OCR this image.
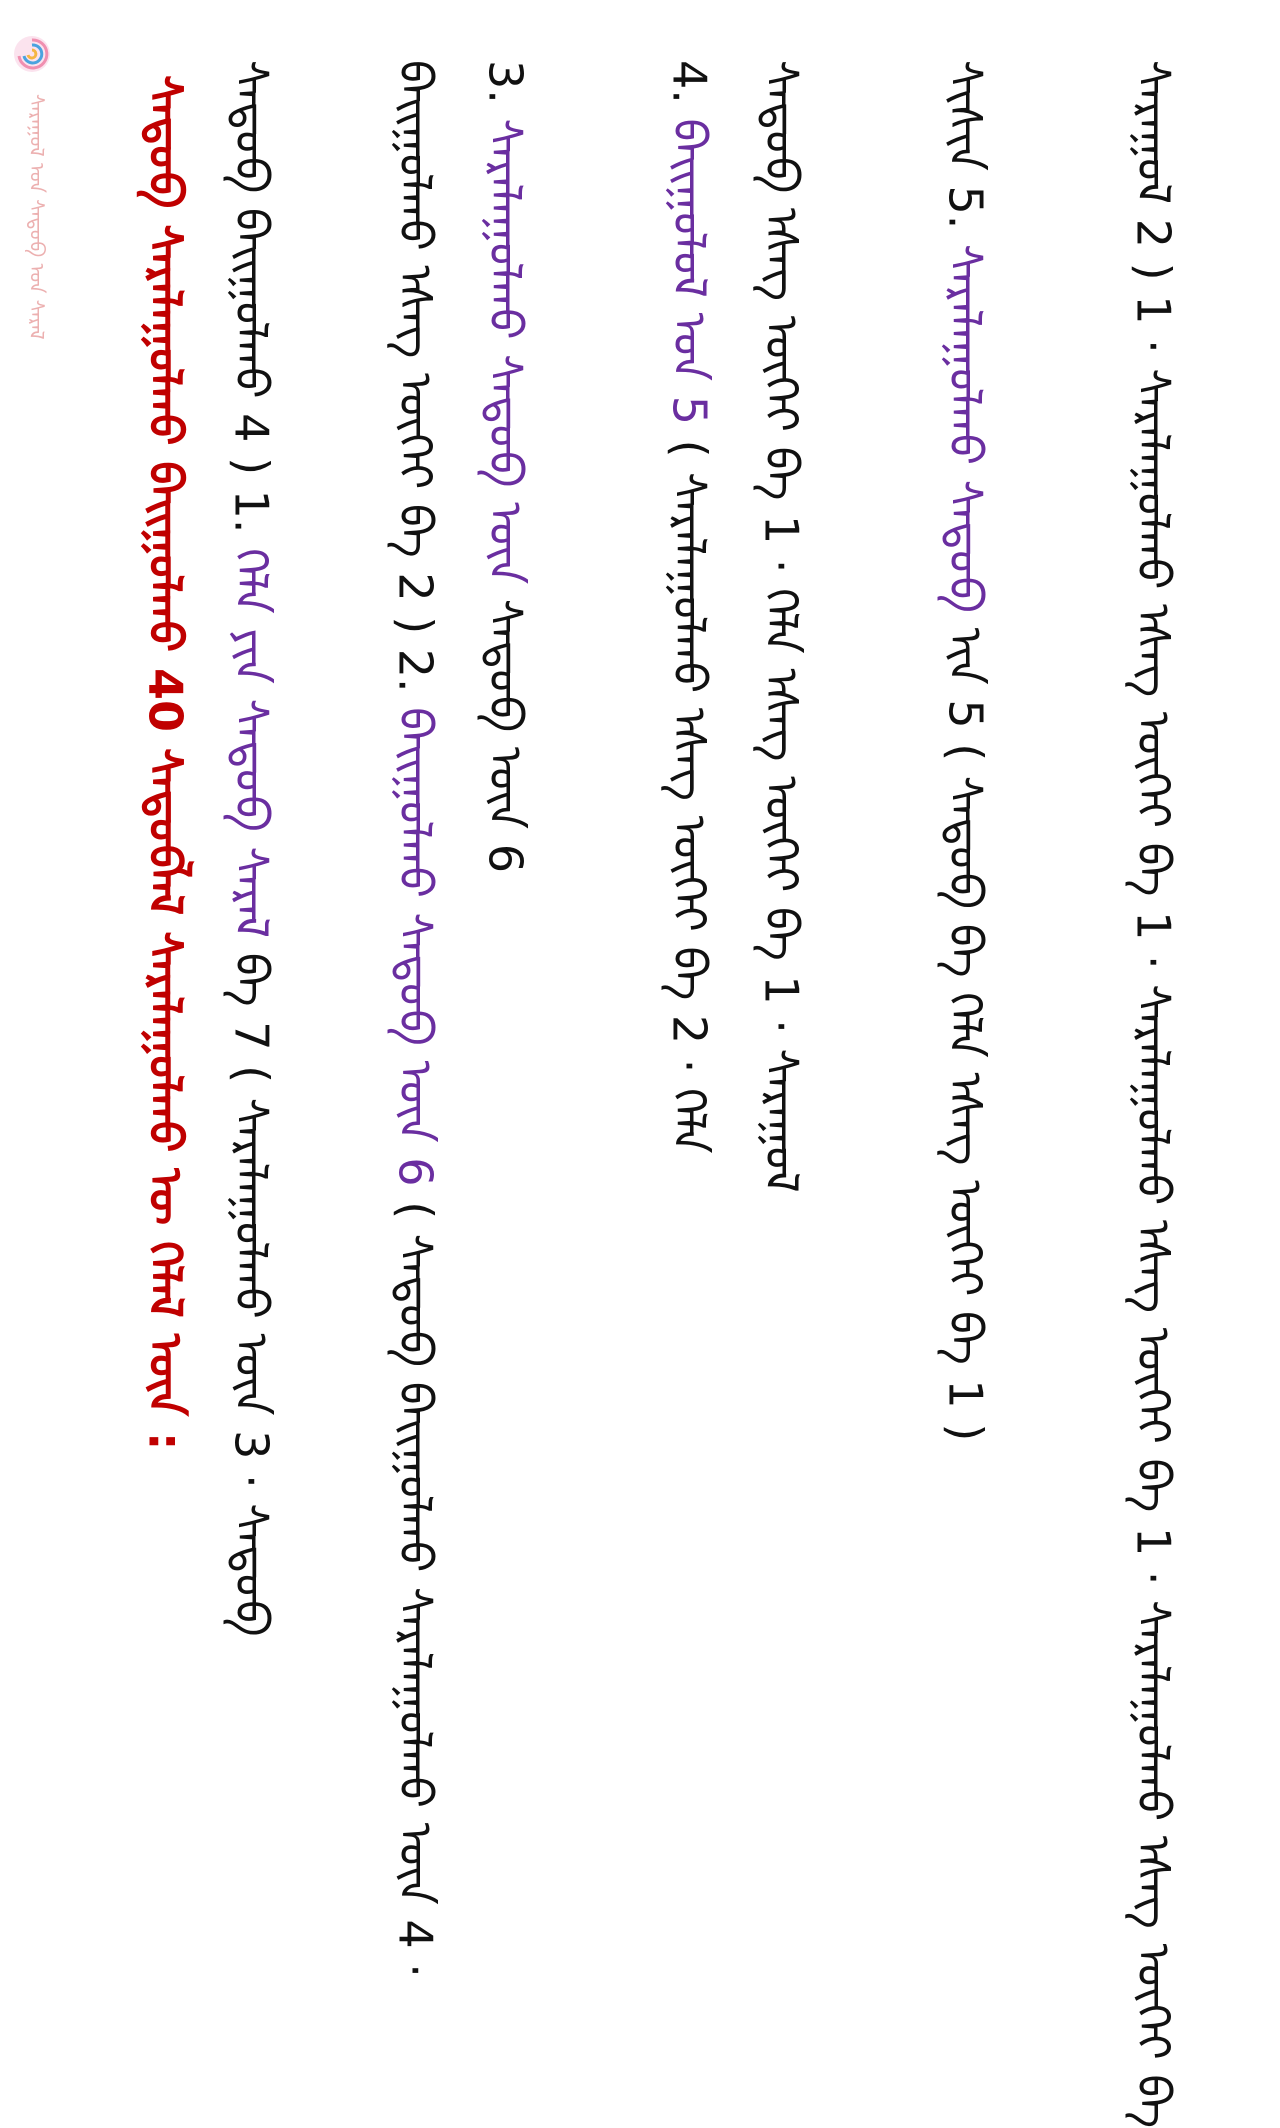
ᠰᠠᠷᠠᠭᠤᠯ ᠤᠨ ᠰᠡᠳᠦᠪ ᠤᠨ ᠰᠠᠷᠠᠯ	ᠰᠠᠷᠠᠭᠤᠯ 2 ) 1 · ᠰᠠᠷᠠᠯᠠᠭᠤᠯᠬᠤ ᠡᠰᠡᠭ ᠦᠭᠡᠢ ᠪᠠ 1 · ᠰᠠᠷᠠᠯᠠᠭᠤᠯᠬᠤ ᠡᠰᠡᠭ ᠦᠭᠡᠢ ᠪᠠ 1 · ᠰᠠᠷᠠᠯᠠᠭᠤᠯᠬᠤ ᠡᠰᠡᠭ ᠦᠭᠡᠢ ᠪᠠ
ᠰᠢᠰᠢᠨ 5. ᠰᠠᠷᠠᠯᠠᠭᠤᠯᠬᠤ ᠰᠡᠳᠦᠪ ᠢᠨ 5 ( ᠰᠡᠳᠦᠪ ᠪᠠ ᠬᠡᠯᠡ ᠡᠰᠡᠭ ᠦᠭᠡᠢ ᠪᠠ 1 )
ᠰᠡᠳᠦᠪ ᠡᠰᠡᠭ ᠦᠭᠡᠢ ᠪᠠ 1 · ᠬᠡᠯᠡ ᠡᠰᠡᠭ ᠦᠭᠡᠢ ᠪᠠ 1 · ᠰᠠᠷᠠᠭᠤᠯ
4. ᠪᠠᠢᠭᠤᠯᠤᠯ ᠤᠨ 5 ( ᠰᠠᠷᠠᠯᠠᠭᠤᠯᠬᠤ ᠡᠰᠡᠭ ᠦᠭᠡᠢ ᠪᠠ 2 · ᠬᠡᠯᠡ
3. ᠰᠠᠷᠠᠯᠠᠭᠤᠯᠬᠤ ᠰᠡᠳᠦᠪ ᠦᠨ ᠰᠡᠳᠦᠪ ᠦᠨ 6
ᠪᠠᠢᠭᠤᠯᠬᠤ ᠡᠰᠡᠭ ᠦᠭᠡᠢ ᠪᠠ 2 ) 2. ᠪᠠᠢᠭᠤᠯᠬᠤ ᠰᠡᠳᠦᠪ ᠦᠨ 6 ( ᠰᠡᠳᠦᠪ ᠪᠠᠢᠭᠤᠯᠬᠤ ᠰᠠᠷᠠᠯᠠᠭᠤᠯᠬᠤ ᠦᠨ 4 ·
ᠰᠡᠳᠦᠪ ᠪᠠᠢᠭᠤᠯᠬᠤ 4 ) 1. ᠬᠡᠯᠡ ᠶᠢᠨ ᠰᠡᠳᠦᠪ ᠰᠠᠷᠠᠯ ᠪᠠ 7 ( ᠰᠠᠷᠠᠯᠠᠭᠤᠯᠬᠤ ᠦᠨ 3 · ᠰᠡᠳᠦᠪ
ᠰᠡᠳᠦᠪ ᠰᠠᠷᠠᠯᠠᠭᠤᠯᠬᠤ ᠪᠠᠢᠭᠤᠯᠬᠤ 40 ᠰᠡᠳᠦᠪᠯᠡᠯ ᠰᠠᠷᠠᠯᠠᠭᠤᠯᠬᠤ ᠦ ᠬᠡᠯᠡᠯ ᠦᠨ :
